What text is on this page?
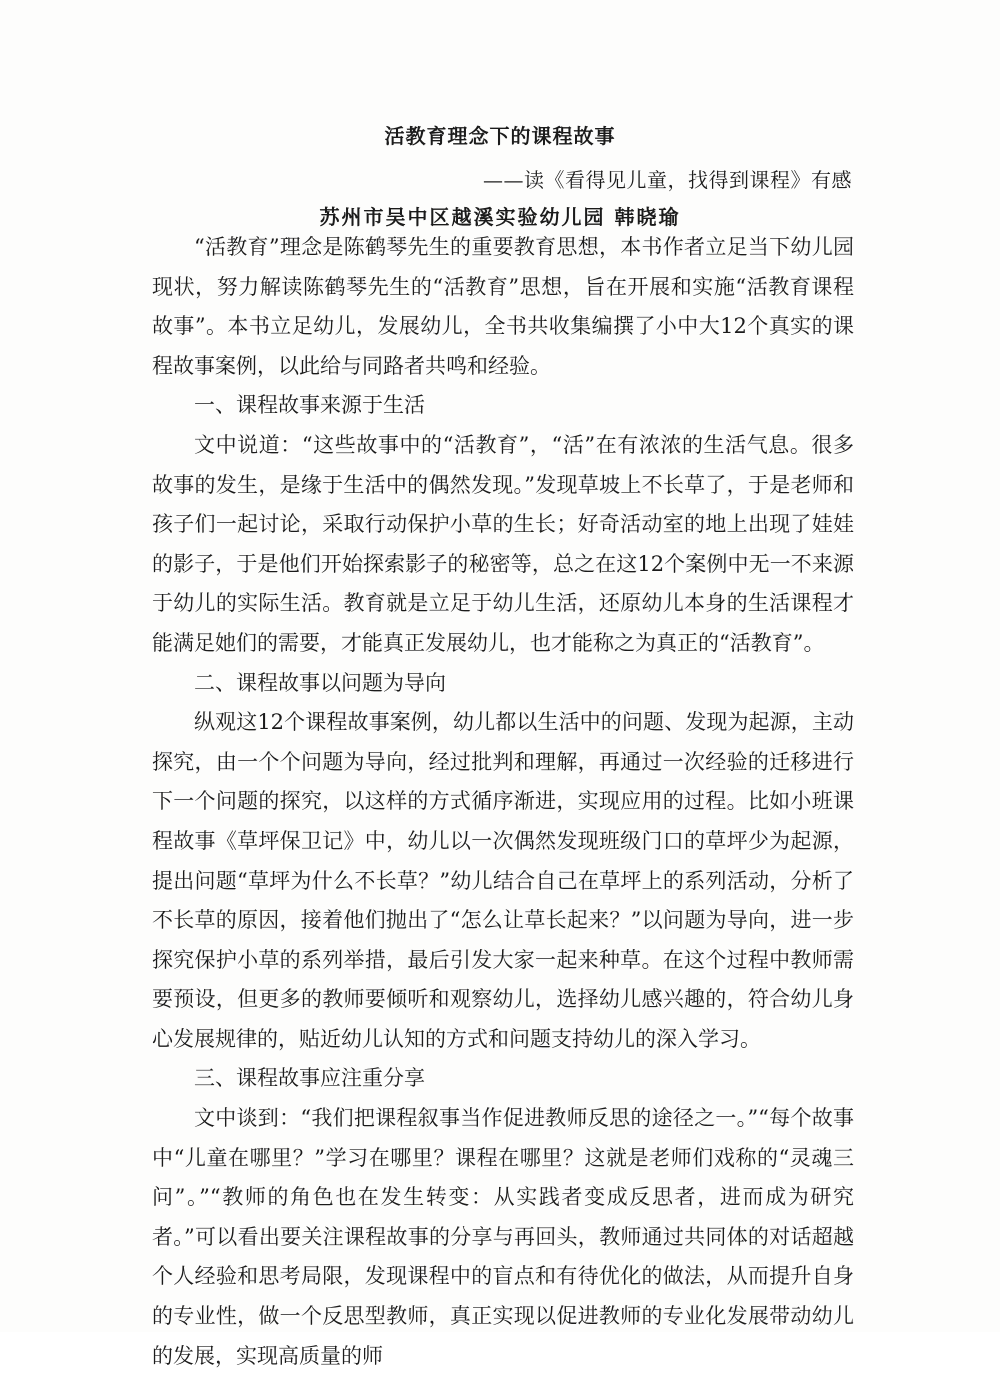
活教育理念下的课程故事
——读《看得见儿童，找得到课程》有感
苏州市吴中区越溪实验幼儿园 韩晓瑜

“活教育”理念是陈鹤琴先生的重要教育思想，本书作者立足当下幼儿园现状，努力解读陈鹤琴先生的“活教育”思想，旨在开展和实施“活教育课程故事”。本书立足幼儿，发展幼儿，全书共收集编撰了小中大12个真实的课程故事案例，以此给与同路者共鸣和经验。

一、课程故事来源于生活

文中说道：“这些故事中的“活教育”，“活”在有浓浓的生活气息。很多故事的发生，是缘于生活中的偶然发现。”发现草坡上不长草了，于是老师和孩子们一起讨论，采取行动保护小草的生长；好奇活动室的地上出现了娃娃的影子，于是他们开始探索影子的秘密等，总之在这12个案例中无一不来源于幼儿的实际生活。教育就是立足于幼儿生活，还原幼儿本身的生活课程才能满足她们的需要，才能真正发展幼儿，也才能称之为真正的“活教育”。

二、课程故事以问题为导向

纵观这12个课程故事案例，幼儿都以生活中的问题、发现为起源，主动探究，由一个个问题为导向，经过批判和理解，再通过一次经验的迁移进行下一个问题的探究，以这样的方式循序渐进，实现应用的过程。比如小班课程故事《草坪保卫记》中，幼儿以一次偶然发现班级门口的草坪少为起源，提出问题“草坪为什么不长草？”幼儿结合自己在草坪上的系列活动，分析了不长草的原因，接着他们抛出了“怎么让草长起来？”以问题为导向，进一步探究保护小草的系列举措，最后引发大家一起来种草。在这个过程中教师需要预设，但更多的教师要倾听和观察幼儿，选择幼儿感兴趣的，符合幼儿身心发展规律的，贴近幼儿认知的方式和问题支持幼儿的深入学习。

三、课程故事应注重分享

文中谈到：“我们把课程叙事当作促进教师反思的途径之一。”“每个故事中“儿童在哪里？”学习在哪里？课程在哪里？这就是老师们戏称的“灵魂三问”。”“教师的角色也在发生转变：从实践者变成反思者，进而成为研究者。”可以看出要关注课程故事的分享与再回头，教师通过共同体的对话超越个人经验和思考局限，发现课程中的盲点和有待优化的做法，从而提升自身的专业性，做一个反思型教师，真正实现以促进教师的专业化发展带动幼儿的发展，实现高质量的师
